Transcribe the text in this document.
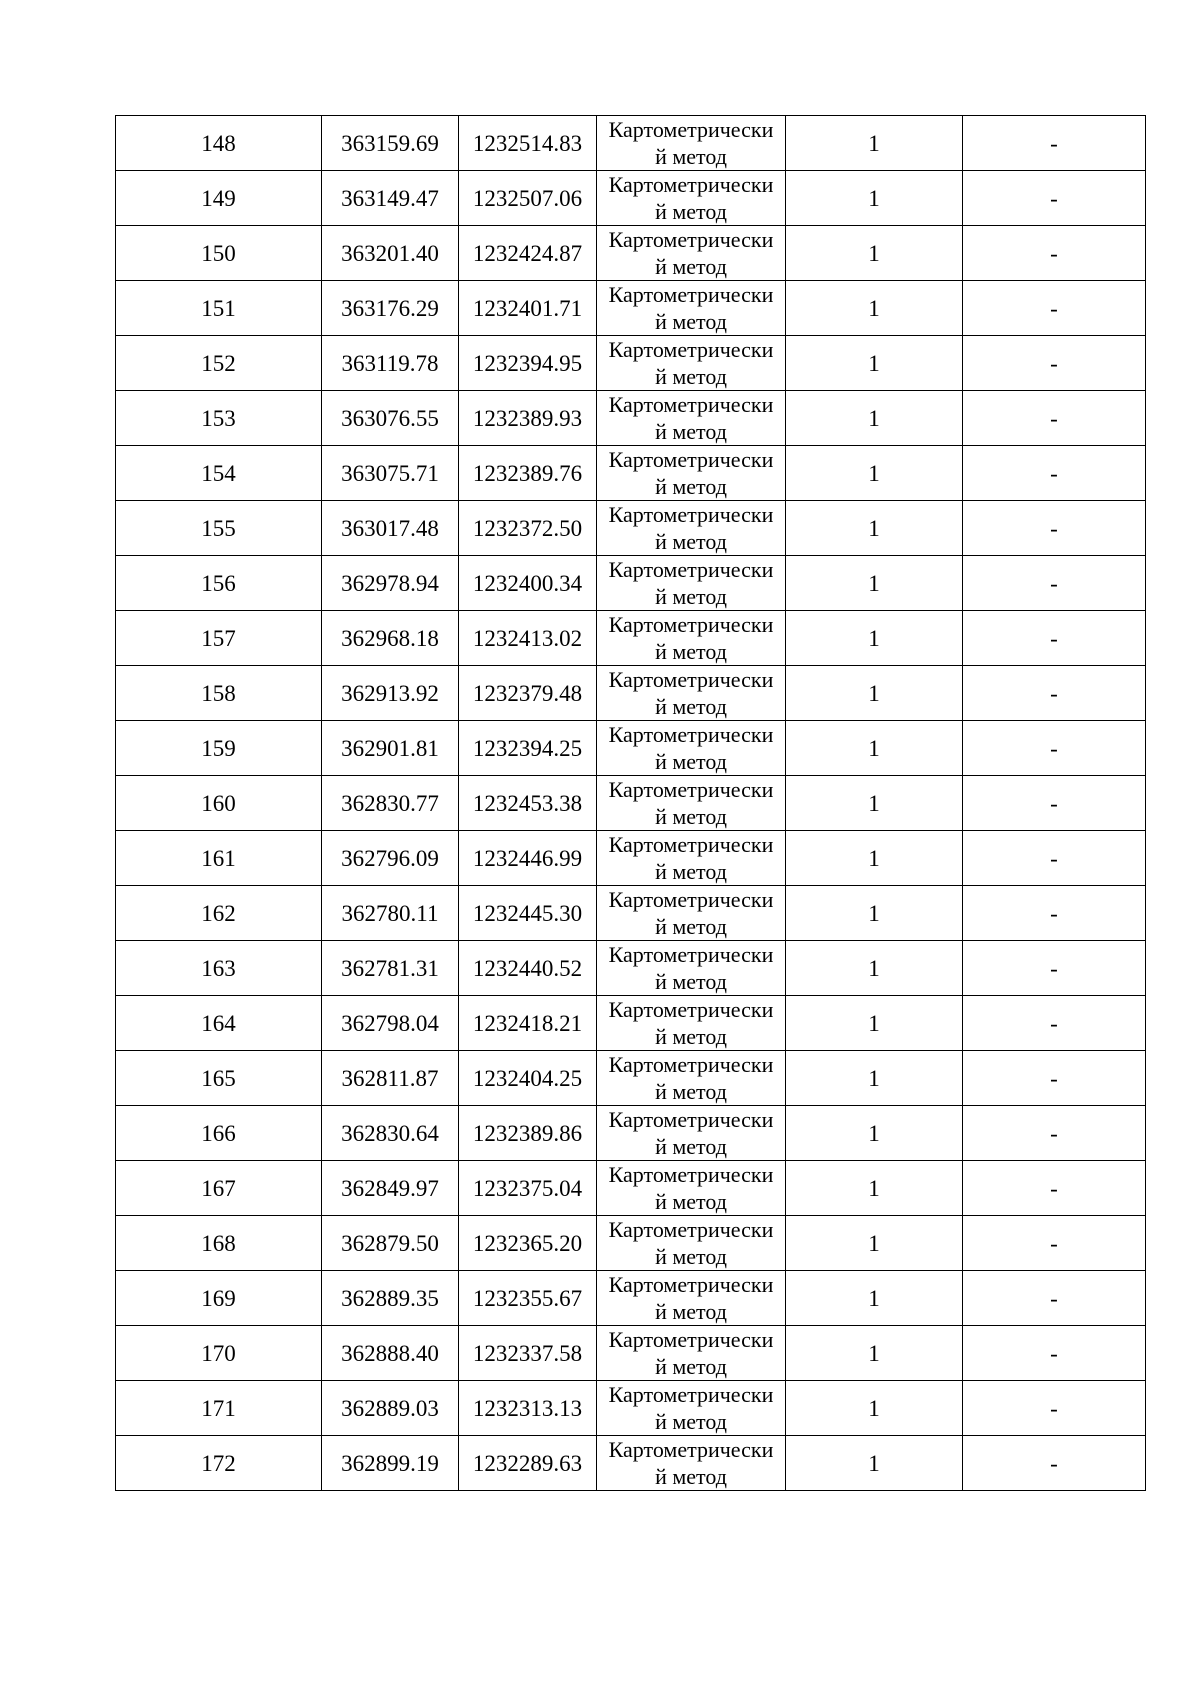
148	363159.69	1232514.83	Картометрически
й метод	1	-
149	363149.47	1232507.06	Картометрически
й метод	1	-
150	363201.40	1232424.87	Картометрически
й метод	1	-
151	363176.29	1232401.71	Картометрически
й метод	1	-
152	363119.78	1232394.95	Картометрически
й метод	1	-
153	363076.55	1232389.93	Картометрически
й метод	1	-
154	363075.71	1232389.76	Картометрически
й метод	1	-
155	363017.48	1232372.50	Картометрически
й метод	1	-
156	362978.94	1232400.34	Картометрически
й метод	1	-
157	362968.18	1232413.02	Картометрически
й метод	1	-
158	362913.92	1232379.48	Картометрически
й метод	1	-
159	362901.81	1232394.25	Картометрически
й метод	1	-
160	362830.77	1232453.38	Картометрически
й метод	1	-
161	362796.09	1232446.99	Картометрически
й метод	1	-
162	362780.11	1232445.30	Картометрически
й метод	1	-
163	362781.31	1232440.52	Картометрически
й метод	1	-
164	362798.04	1232418.21	Картометрически
й метод	1	-
165	362811.87	1232404.25	Картометрически
й метод	1	-
166	362830.64	1232389.86	Картометрически
й метод	1	-
167	362849.97	1232375.04	Картометрически
й метод	1	-
168	362879.50	1232365.20	Картометрически
й метод	1	-
169	362889.35	1232355.67	Картометрически
й метод	1	-
170	362888.40	1232337.58	Картометрически
й метод	1	-
171	362889.03	1232313.13	Картометрически
й метод	1	-
172	362899.19	1232289.63	Картометрически
й метод	1	-
